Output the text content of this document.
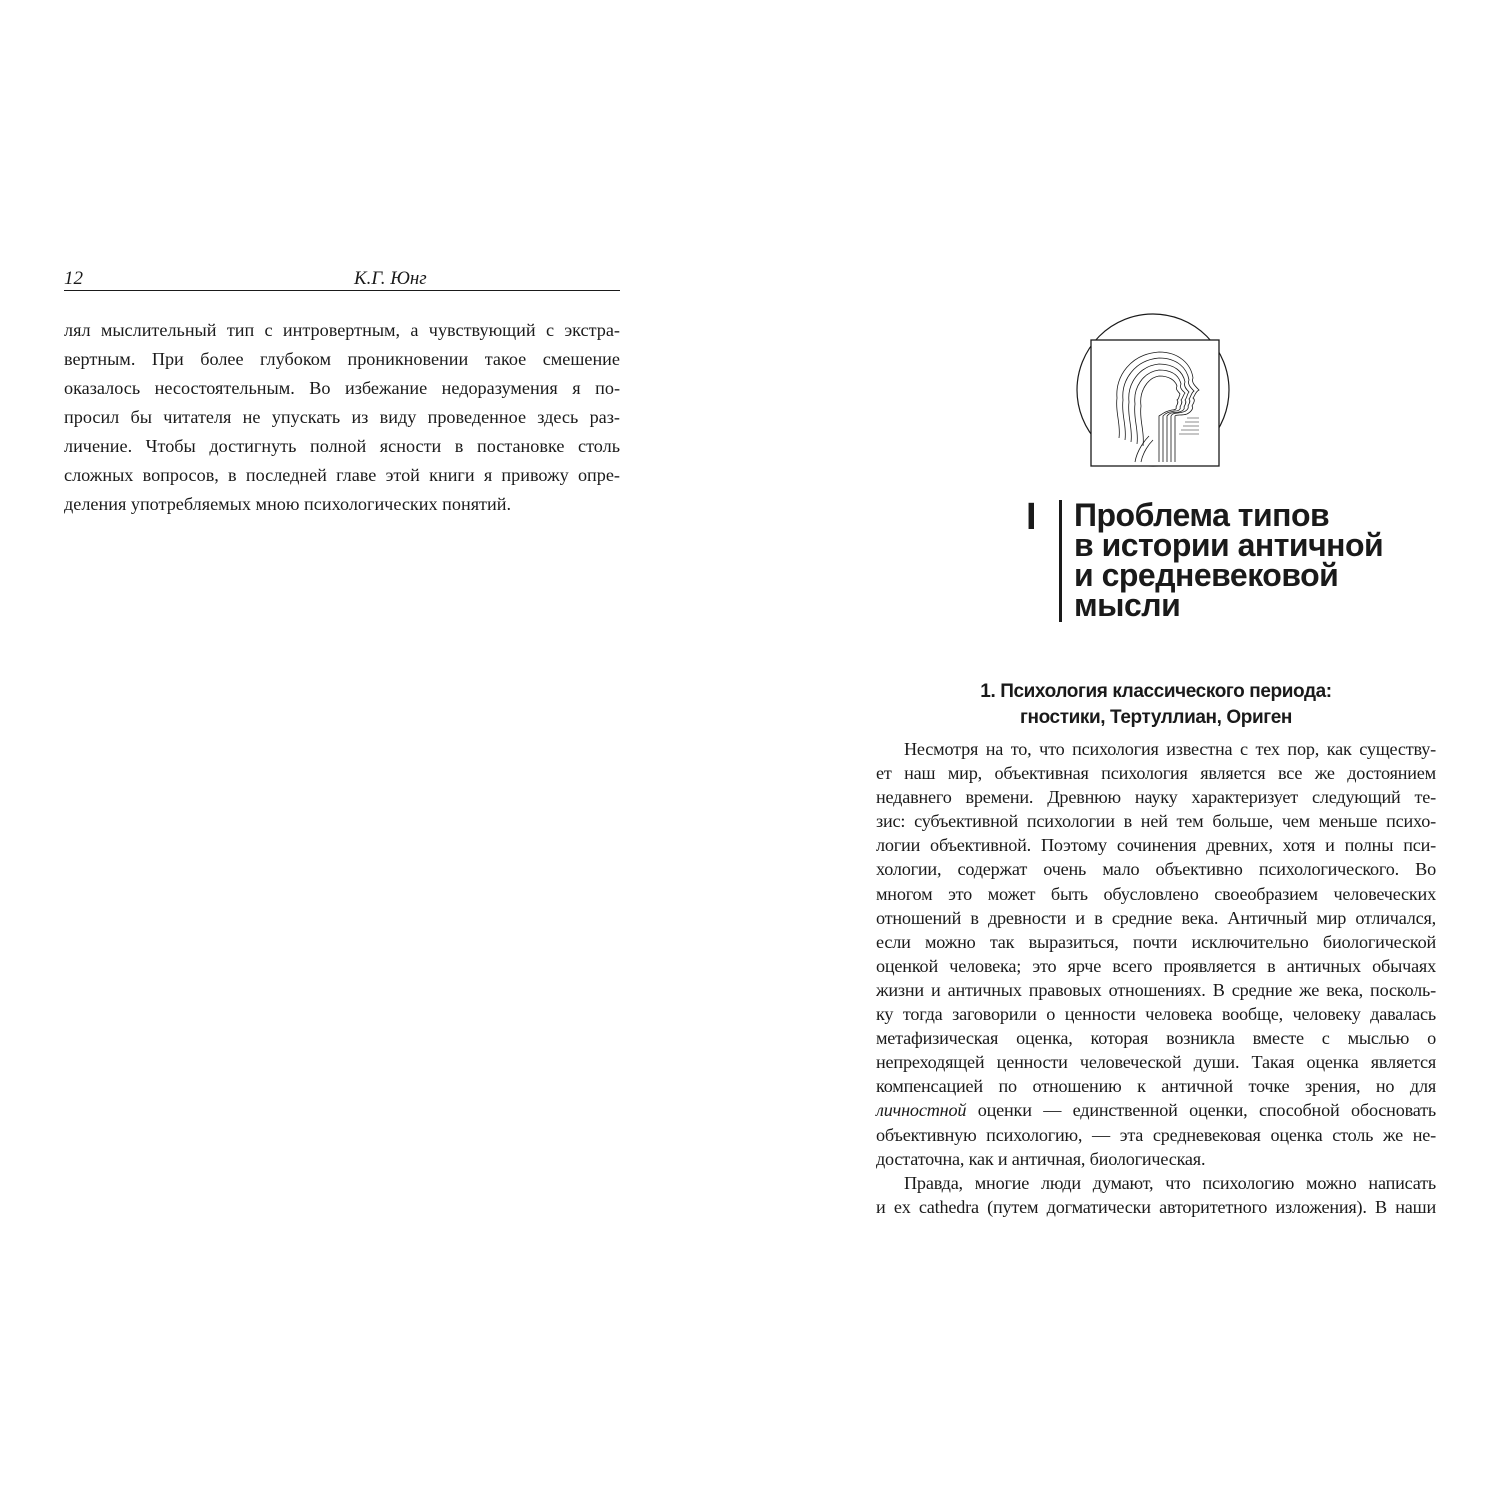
12	К.Г. Юнг
лял мыслительный тип с интровертным, а чувствующий с экстра-
вертным. При более глубоком проникновении такое смешение
оказалось несостоятельным. Во избежание недоразумения я по-
просил бы читателя не упускать из виду проведенное здесь раз-
личение. Чтобы достигнуть полной ясности в постановке столь
сложных вопросов, в последней главе этой книги я привожу опре-
деления употребляемых мною психологических понятий.	I Проблема типов
в истории античной
и средневековой
мысли
1. Психология классического периода:
гностики, Тертуллиан, Ориген
Несмотря на то, что психология известна с тех пор, как существу-
ет наш мир, объективная психология является все же достоянием
недавнего времени. Древнюю науку характеризует следующий те-
зис: субъективной психологии в ней тем больше, чем меньше психо-
логии объективной. Поэтому сочинения древних, хотя и полны пси-
хологии, содержат очень мало объективно психологического. Во
многом это может быть обусловлено своеобразием человеческих
отношений в древности и в средние века. Античный мир отличался,
если можно так выразиться, почти исключительно биологической
оценкой человека; это ярче всего проявляется в античных обычаях
жизни и античных правовых отношениях. В средние же века, посколь-
ку тогда заговорили о ценности человека вообще, человеку давалась
метафизическая оценка, которая возникла вместе с мыслью о
непреходящей ценности человеческой души. Такая оценка является
компенсацией по отношению к античной точке зрения, но для
личностной оценки — единственной оценки, способной обосновать
объективную психологию, — эта средневековая оценка столь же не-
достаточна, как и античная, биологическая.
Правда, многие люди думают, что психологию можно написать
и ex cathedra (путем догматически авторитетного изложения). В наши
